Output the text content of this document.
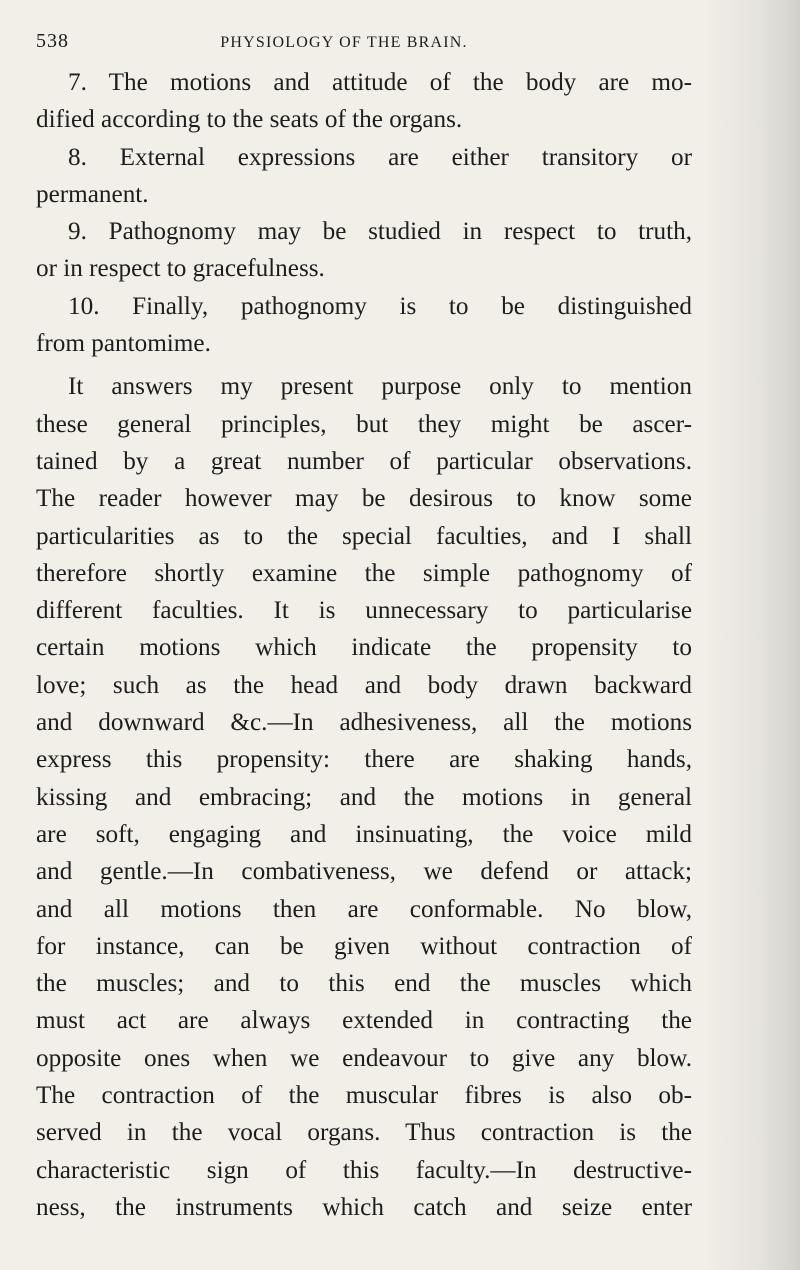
538	PHYSIOLOGY OF THE BRAIN.
7. The motions and attitude of the body are mo-
dified according to the seats of the organs.
8. External expressions are either transitory or
permanent.
9. Pathognomy may be studied in respect to truth,
or in respect to gracefulness.
10. Finally, pathognomy is to be distinguished
from pantomime.
It answers my present purpose only to mention
these general principles, but they might be ascer-
tained by a great number of particular observations.
The reader however may be desirous to know some
particularities as to the special faculties, and I shall
therefore shortly examine the simple pathognomy of
different faculties. It is unnecessary to particularise
certain motions which indicate the propensity to
love; such as the head and body drawn backward
and downward &c.—In adhesiveness, all the motions
express this propensity: there are shaking hands,
kissing and embracing; and the motions in general
are soft, engaging and insinuating, the voice mild
and gentle.—In combativeness, we defend or attack;
and all motions then are conformable. No blow,
for instance, can be given without contraction of
the muscles; and to this end the muscles which
must act are always extended in contracting the
opposite ones when we endeavour to give any blow.
The contraction of the muscular fibres is also ob-
served in the vocal organs. Thus contraction is the
characteristic sign of this faculty.—In destructive-
ness, the instruments which catch and seize enter
